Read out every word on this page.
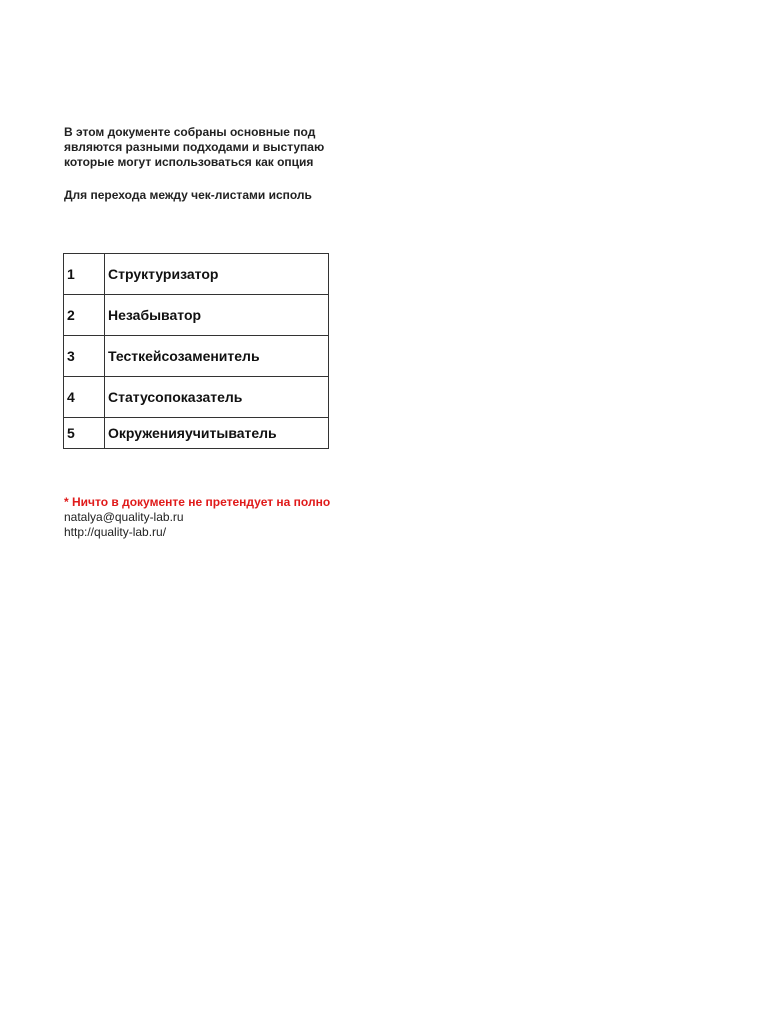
В этом документе собраны основные под
являются разными подходами и выступаю
которые могут использоваться как опция
Для перехода между чек-листами исполь
1	Структуризатор
2	Незабыватор
3	Тесткейсозаменитель
4	Статусопоказатель
5	Окруженияучитыватель
* Ничто в документе не претендует на полно
natalya@quality-lab.ru
http://quality-lab.ru/
